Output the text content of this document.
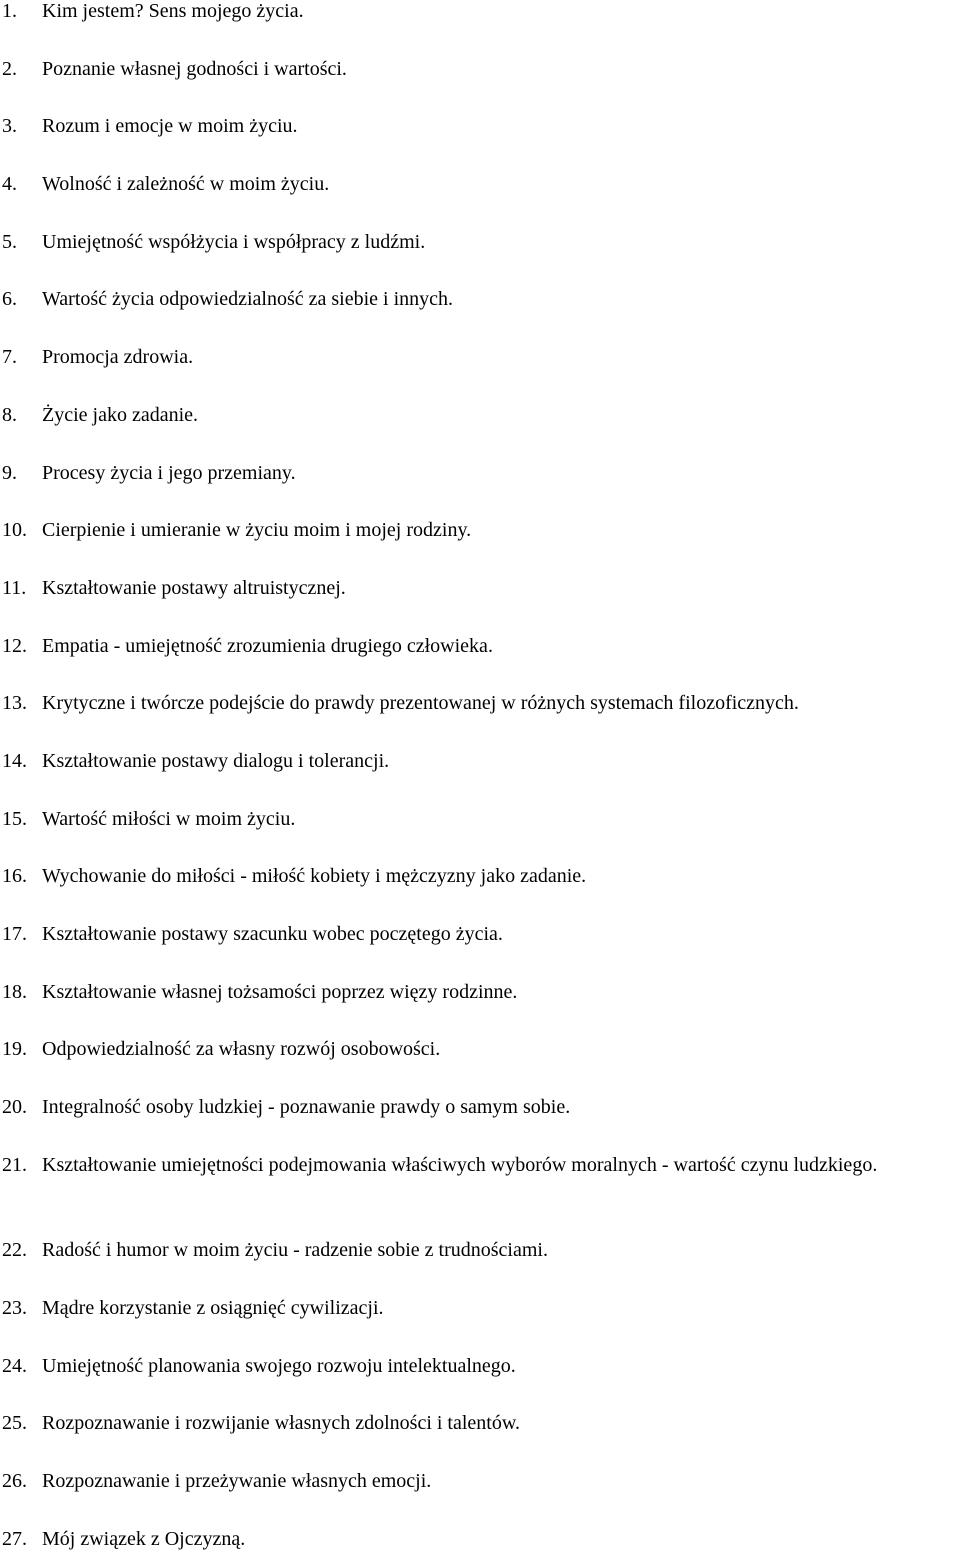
1. Kim jestem? Sens mojego życia.
2. Poznanie własnej godności i wartości.
3. Rozum i emocje w moim życiu.
4. Wolność i zależność w moim życiu.
5. Umiejętność współżycia i współpracy z ludźmi.
6. Wartość życia odpowiedzialność za siebie i innych.
7. Promocja zdrowia.
8. Życie jako zadanie.
9. Procesy życia i jego przemiany.
10. Cierpienie i umieranie w życiu moim i mojej rodziny.
11. Kształtowanie postawy altruistycznej.
12. Empatia - umiejętność zrozumienia drugiego człowieka.
13. Krytyczne i twórcze podejście do prawdy prezentowanej w różnych systemach filozoficznych.
14. Kształtowanie postawy dialogu i tolerancji.
15. Wartość miłości w moim życiu.
16. Wychowanie do miłości - miłość kobiety i mężczyzny jako zadanie.
17. Kształtowanie postawy szacunku wobec poczętego życia.
18. Kształtowanie własnej tożsamości poprzez więzy rodzinne.
19. Odpowiedzialność za własny rozwój osobowości.
20. Integralność osoby ludzkiej - poznawanie prawdy o samym sobie.
21. Kształtowanie umiejętności podejmowania właściwych wyborów moralnych - wartość czynu ludzkiego.
22. Radość i humor w moim życiu - radzenie sobie z trudnościami.
23. Mądre korzystanie z osiągnięć cywilizacji.
24. Umiejętność planowania swojego rozwoju intelektualnego.
25. Rozpoznawanie i rozwijanie własnych zdolności i talentów.
26. Rozpoznawanie i przeżywanie własnych emocji.
27. Mój związek z Ojczyzną.
